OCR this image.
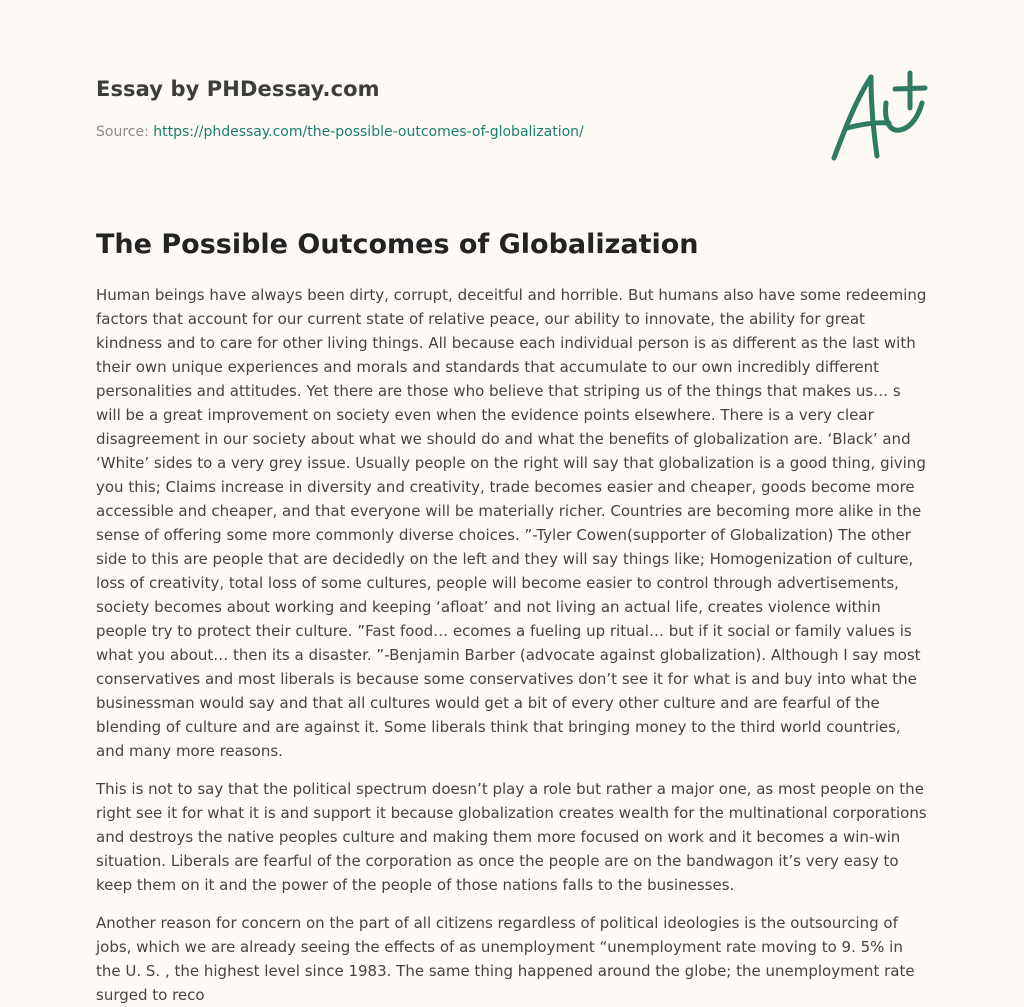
Essay by PHDessay.com
Source: https://phdessay.com/the-possible-outcomes-of-globalization/
The Possible Outcomes of Globalization

Human beings have always been dirty, corrupt, deceitful and horrible. But humans also have some redeeming factors that account for our current state of relative peace, our ability to innovate, the ability for great kindness and to care for other living things. All because each individual person is as different as the last with their own unique experiences and morals and standards that accumulate to our own incredibly different personalities and attitudes. Yet there are those who believe that striping us of the things that makes us… s will be a great improvement on society even when the evidence points elsewhere. There is a very clear disagreement in our society about what we should do and what the benefits of globalization are. ‘Black’ and ‘White’ sides to a very grey issue. Usually people on the right will say that globalization is a good thing, giving you this; Claims increase in diversity and creativity, trade becomes easier and cheaper, goods become more accessible and cheaper, and that everyone will be materially richer. Countries are becoming more alike in the sense of offering some more commonly diverse choices. ”-Tyler Cowen(supporter of Globalization) The other side to this are people that are decidedly on the left and they will say things like; Homogenization of culture, loss of creativity, total loss of some cultures, people will become easier to control through advertisements, society becomes about working and keeping ‘afloat’ and not living an actual life, creates violence within people try to protect their culture. ”Fast food… ecomes a fueling up ritual… but if it social or family values is what you about… then its a disaster. ”-Benjamin Barber (advocate against globalization). Although I say most conservatives and most liberals is because some conservatives don’t see it for what is and buy into what the businessman would say and that all cultures would get a bit of every other culture and are fearful of the blending of culture and are against it. Some liberals think that bringing money to the third world countries, and many more reasons.

This is not to say that the political spectrum doesn’t play a role but rather a major one, as most people on the right see it for what it is and support it because globalization creates wealth for the multinational corporations and destroys the native peoples culture and making them more focused on work and it becomes a win-win situation. Liberals are fearful of the corporation as once the people are on the bandwagon it’s very easy to keep them on it and the power of the people of those nations falls to the businesses.

Another reason for concern on the part of all citizens regardless of political ideologies is the outsourcing of jobs, which we are already seeing the effects of as unemployment “unemployment rate moving to 9. 5% in the U. S. , the highest level since 1983. The same thing happened around the globe; the unemployment rate surged to reco
